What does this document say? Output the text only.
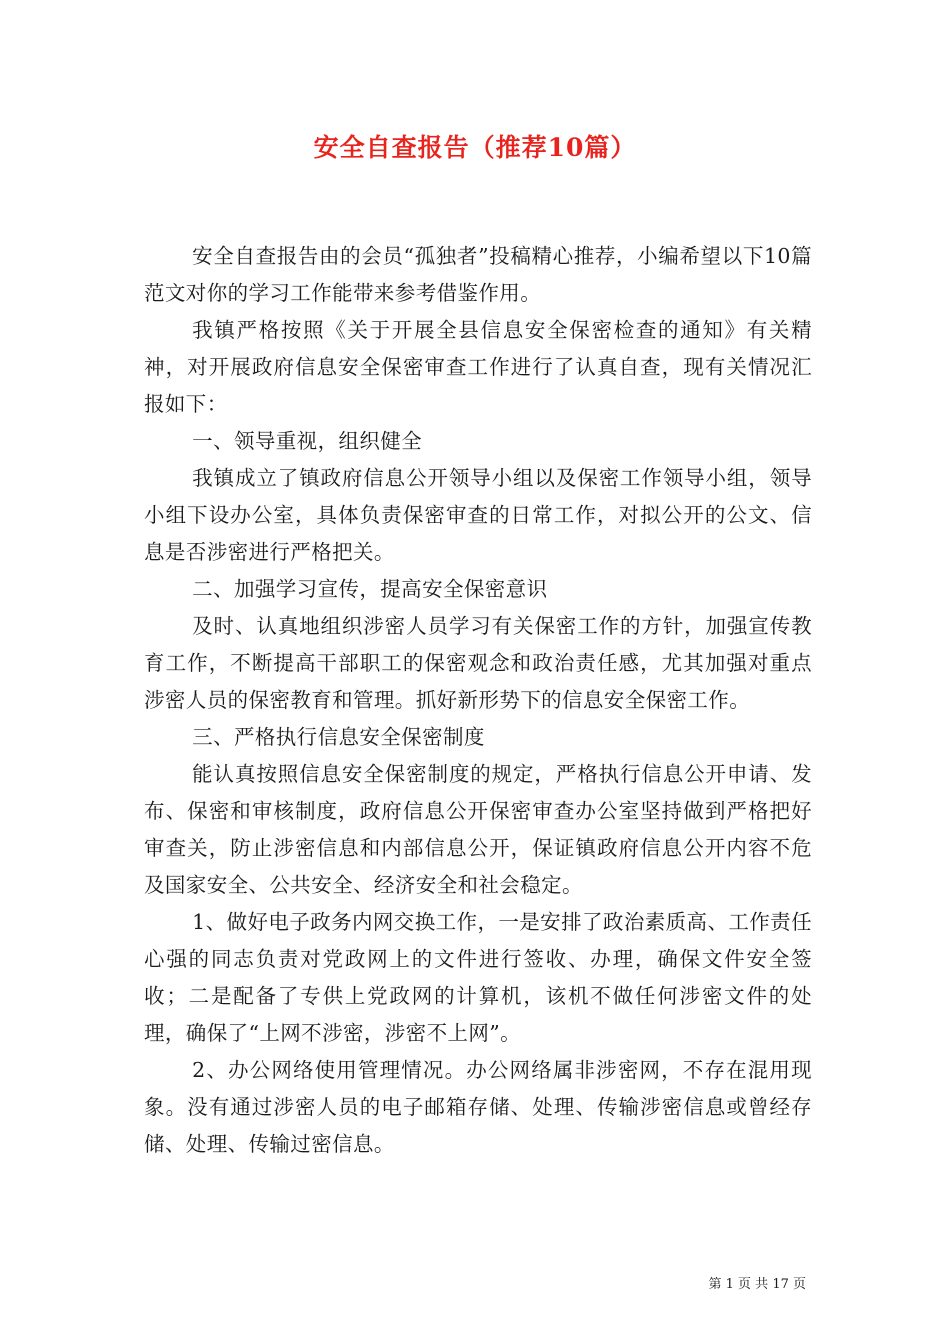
安全自查报告（推荐10篇）

安全自查报告由的会员“孤独者”投稿精心推荐，小编希望以下10篇范文对你的学习工作能带来参考借鉴作用。

我镇严格按照《关于开展全县信息安全保密检查的通知》有关精神，对开展政府信息安全保密审查工作进行了认真自查，现有关情况汇报如下：

一、领导重视，组织健全

我镇成立了镇政府信息公开领导小组以及保密工作领导小组，领导小组下设办公室，具体负责保密审查的日常工作，对拟公开的公文、信息是否涉密进行严格把关。

二、加强学习宣传，提高安全保密意识

及时、认真地组织涉密人员学习有关保密工作的方针，加强宣传教育工作，不断提高干部职工的保密观念和政治责任感，尤其加强对重点涉密人员的保密教育和管理。抓好新形势下的信息安全保密工作。

三、严格执行信息安全保密制度

能认真按照信息安全保密制度的规定，严格执行信息公开申请、发布、保密和审核制度，政府信息公开保密审查办公室坚持做到严格把好审查关，防止涉密信息和内部信息公开，保证镇政府信息公开内容不危及国家安全、公共安全、经济安全和社会稳定。

1、做好电子政务内网交换工作，一是安排了政治素质高、工作责任心强的同志负责对党政网上的文件进行签收、办理，确保文件安全签收；二是配备了专供上党政网的计算机，该机不做任何涉密文件的处理，确保了“上网不涉密，涉密不上网”。

2、办公网络使用管理情况。办公网络属非涉密网，不存在混用现象。没有通过涉密人员的电子邮箱存储、处理、传输涉密信息或曾经存储、处理、传输过密信息。

第 1 页 共 17 页
